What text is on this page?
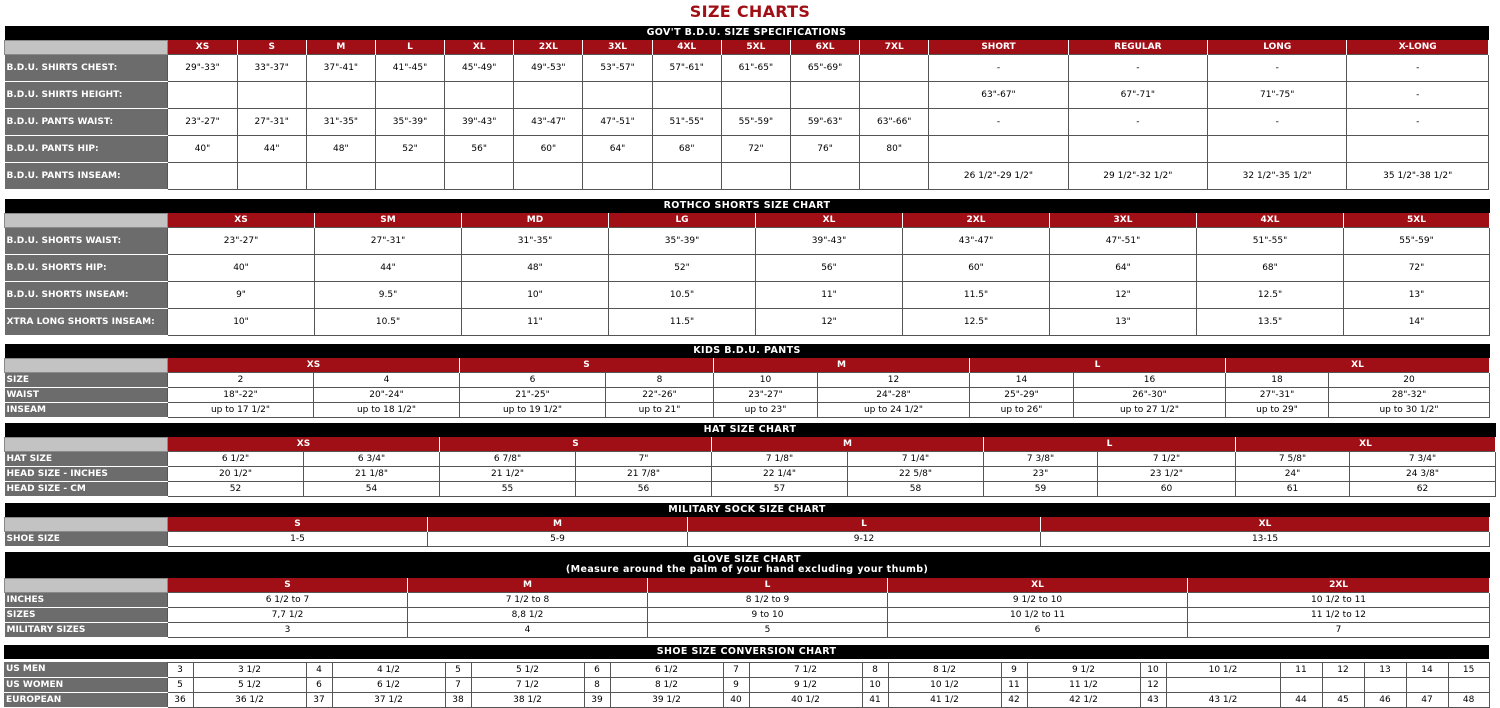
SIZE CHARTS
GOV'T B.D.U. SIZE SPECIFICATIONS															
	XS	S	M	L	XL	2XL	3XL	4XL	5XL	6XL	7XL	SHORT	REGULAR	LONG	X-LONG
B.D.U. SHIRTS CHEST:	29"-33"	33"-37"	37"-41"	41"-45"	45"-49"	49"-53"	53"-57"	57"-61"	61"-65"	65"-69"		-	-	-	-
B.D.U. SHIRTS HEIGHT:												63"-67"	67"-71"	71"-75"	-
B.D.U. PANTS WAIST:	23"-27"	27"-31"	31"-35"	35"-39"	39"-43"	43"-47"	47"-51"	51"-55"	55"-59"	59"-63"	63"-66"	-	-	-	-
B.D.U. PANTS HIP:	40"	44"	48"	52"	56"	60"	64"	68"	72"	76"	80"				
B.D.U. PANTS INSEAM:												26 1/2"-29 1/2"	29 1/2"-32 1/2"	32 1/2"-35 1/2"	35 1/2"-38 1/2"
ROTHCO SHORTS SIZE CHART									
	XS	SM	MD	LG	XL	2XL	3XL	4XL	5XL
B.D.U. SHORTS WAIST:	23"-27"	27"-31"	31"-35"	35"-39"	39"-43"	43"-47"	47"-51"	51"-55"	55"-59"
B.D.U. SHORTS HIP:	40"	44"	48"	52"	56"	60"	64"	68"	72"
B.D.U. SHORTS INSEAM:	9"	9.5"	10"	10.5"	11"	11.5"	12"	12.5"	13"
XTRA LONG SHORTS INSEAM:	10"	10.5"	11"	11.5"	12"	12.5"	13"	13.5"	14"
KIDS B.D.U. PANTS										
	XS		S		M		L		XL	
SIZE	2	4	6	8	10	12	14	16	18	20
WAIST	18"-22"	20"-24"	21"-25"	22"-26"	23"-27"	24"-28"	25"-29"	26"-30"	27"-31"	28"-32"
INSEAM	up to 17 1/2"	up to 18 1/2"	up to 19 1/2"	up to 21"	up to 23"	up to 24 1/2"	up to 26"	up to 27 1/2"	up to 29"	up to 30 1/2"
HAT SIZE CHART										
	XS		S		M		L		XL	
HAT SIZE	6 1/2"	6 3/4"	6 7/8"	7"	7 1/8"	7 1/4"	7 3/8"	7 1/2"	7 5/8"	7 3/4"
HEAD SIZE - INCHES	20 1/2"	21 1/8"	21 1/2"	21 7/8"	22 1/4"	22 5/8"	23"	23 1/2"	24"	24 3/8"
HEAD SIZE - CM	52	54	55	56	57	58	59	60	61	62
MILITARY SOCK SIZE CHART				
	S	M	L	XL
SHOE SIZE	1-5	5-9	9-12	13-15
GLOVE SIZE CHART
(Measure around the palm of your hand excluding your thumb)					

	S	M	L	XL	2XL
INCHES	6 1/2 to 7	7 1/2 to 8	8 1/2 to 9	9 1/2 to 10	10 1/2 to 11
SIZES	7,7 1/2	8,8 1/2	9 to 10	10 1/2 to 11	11 1/2 to 12
MILITARY SIZES	3	4	5	6	7
SHOE SIZE CONVERSION CHART																					

US MEN	3	3 1/2	4	4 1/2	5	5 1/2	6	6 1/2	7	7 1/2	8	8 1/2	9	9 1/2	10	10 1/2	11	12	13	14	15
US WOMEN	5	5 1/2	6	6 1/2	7	7 1/2	8	8 1/2	9	9 1/2	10	10 1/2	11	11 1/2	12						
EUROPEAN	36	36 1/2	37	37 1/2	38	38 1/2	39	39 1/2	40	40 1/2	41	41 1/2	42	42 1/2	43	43 1/2	44	45	46	47	48
